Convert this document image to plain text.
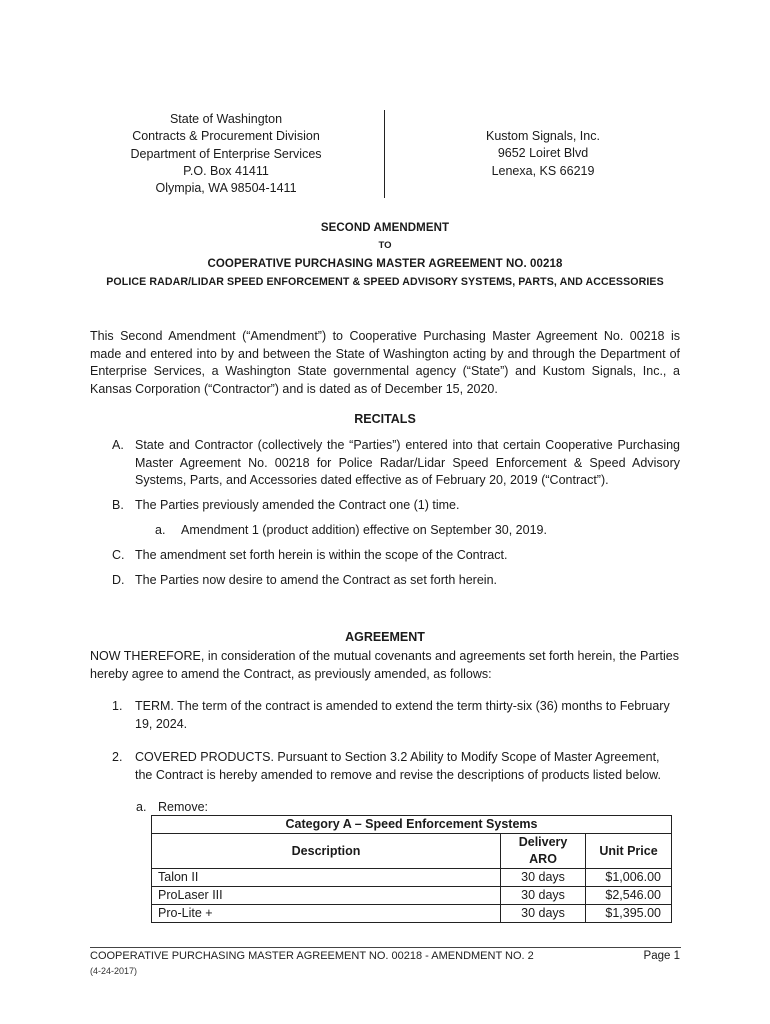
State of Washington
Contracts & Procurement Division
Department of Enterprise Services
P.O. Box 41411
Olympia, WA 98504-1411
Kustom Signals, Inc.
9652 Loiret Blvd
Lenexa, KS 66219
SECOND AMENDMENT
TO
COOPERATIVE PURCHASING MASTER AGREEMENT NO. 00218
POLICE RADAR/LIDAR SPEED ENFORCEMENT & SPEED ADVISORY SYSTEMS, PARTS, AND ACCESSORIES
This Second Amendment (“Amendment”) to Cooperative Purchasing Master Agreement No. 00218 is made and entered into by and between the State of Washington acting by and through the Department of Enterprise Services, a Washington State governmental agency (“State”) and Kustom Signals, Inc., a Kansas Corporation (“Contractor”) and is dated as of December 15, 2020.
RECITALS
A. State and Contractor (collectively the “Parties”) entered into that certain Cooperative Purchasing Master Agreement No. 00218 for Police Radar/Lidar Speed Enforcement & Speed Advisory Systems, Parts, and Accessories dated effective as of February 20, 2019 (“Contract”).
B. The Parties previously amended the Contract one (1) time.
a. Amendment 1 (product addition) effective on September 30, 2019.
C. The amendment set forth herein is within the scope of the Contract.
D. The Parties now desire to amend the Contract as set forth herein.
AGREEMENT
NOW THEREFORE, in consideration of the mutual covenants and agreements set forth herein, the Parties hereby agree to amend the Contract, as previously amended, as follows:
1. TERM. The term of the contract is amended to extend the term thirty-six (36) months to February 19, 2024.
2. COVERED PRODUCTS. Pursuant to Section 3.2 Ability to Modify Scope of Master Agreement, the Contract is hereby amended to remove and revise the descriptions of products listed below.
a. Remove:
Category A – Speed Enforcement Systems		
Description	Delivery ARO	Unit Price
Talon II	30 days	$1,006.00
ProLaser III	30 days	$2,546.00
Pro-Lite +	30 days	$1,395.00
COOPERATIVE PURCHASING MASTER AGREEMENT NO. 00218 - AMENDMENT NO. 2	Page 1
(4-24-2017)
